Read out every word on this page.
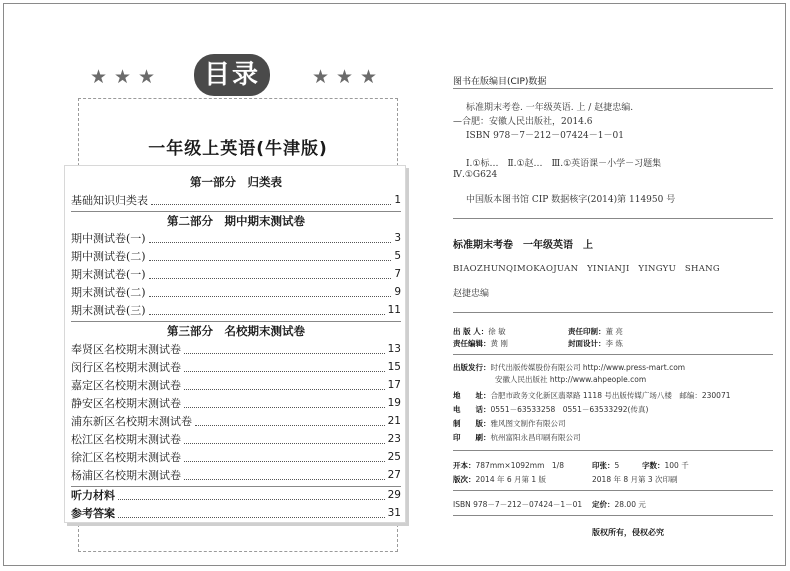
★ ★ ★	目录	★ ★ ★
一年级上英语(牛津版)
第一部分　归类表
基础知识归类表	1
第二部分　期中期末测试卷
期中测试卷(一)	3
期中测试卷(二)	5
期末测试卷(一)	7
期末测试卷(二)	9
期末测试卷(三)	11
第三部分　名校期末测试卷
奉贤区名校期末测试卷	13
闵行区名校期末测试卷	15
嘉定区名校期末测试卷	17
静安区名校期末测试卷	19
浦东新区名校期末测试卷	21
松江区名校期末测试卷	23
徐汇区名校期末测试卷	25
杨浦区名校期末测试卷	27
听力材料	29
参考答案	31
图书在版编目(CIP)数据
标准期末考卷. 一年级英语. 上 / 赵捷忠编.
—合肥：安徽人民出版社，2014.6
ISBN 978－7－212－07424－1－01
Ⅰ.①标…　Ⅱ.①赵…　Ⅲ.①英语课－小学－习题集
Ⅳ.①G624
中国版本图书馆 CIP 数据核字(2014)第 114950 号
标准期末考卷　一年级英语　上
BIAOZHUNQIMOKAOJUAN　YINIANJI　YINGYU　SHANG
赵捷忠编
出 版 人：徐 敏	责任印制：董 亮
责任编辑：黄 刚	封面设计：李 炼
出版发行：时代出版传媒股份有限公司 http://www.press-mart.com
安徽人民出版社 http://www.ahpeople.com
地　　址：合肥市政务文化新区翡翠路 1118 号出版传媒广场八楼　邮编：230071
电　　话：0551－63533258　0551－63533292(传真)
制　　版：雅风图文制作有限公司
印　　刷：杭州富阳永昌印刷有限公司
开本：787mm×1092mm　1/8	印张：5	字数：100 千
版次：2014 年 6 月第 1 版	2018 年 8 月第 3 次印刷
ISBN 978－7－212－07424－1－01 定价：28.00 元
版权所有，侵权必究
